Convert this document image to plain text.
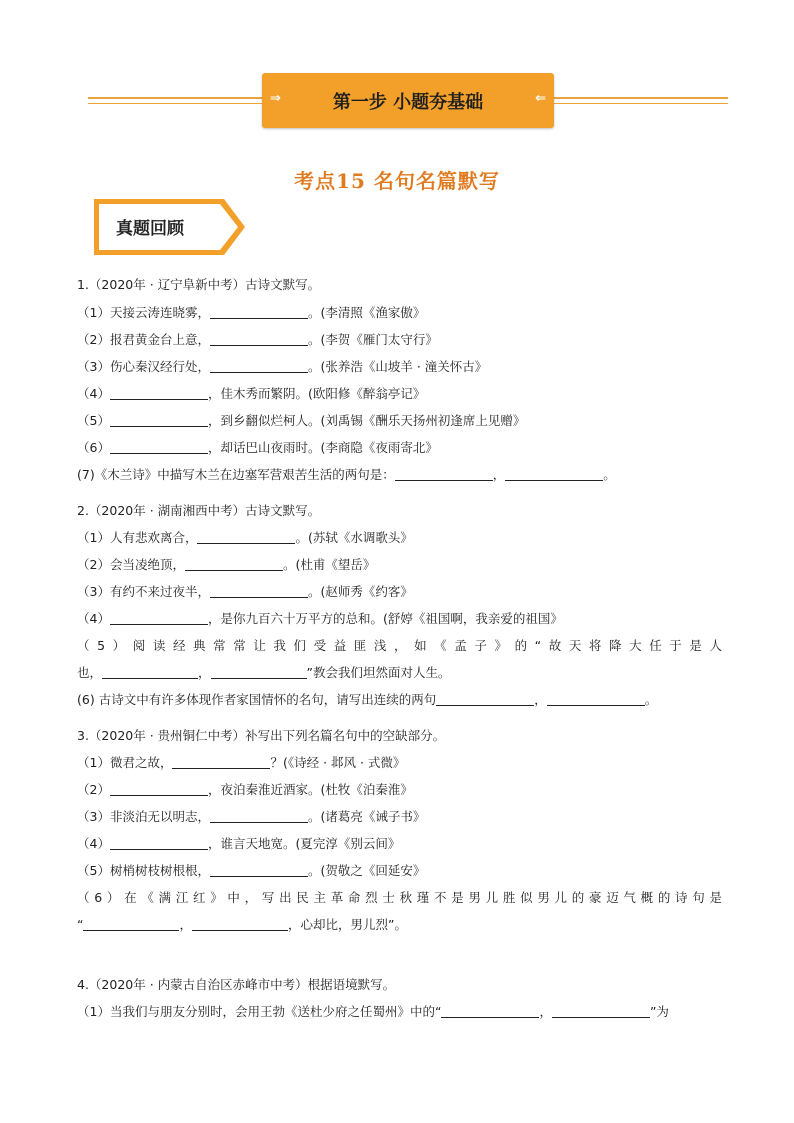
⇒	第一步 小题夯基础	⇐
考点15 名句名篇默写
真题回顾
1.（2020年 · 辽宁阜新中考）古诗文默写。
（1）天接云涛连晓雾，	。(李清照《渔家傲》
（2）报君黄金台上意，	。(李贺《雁门太守行》
（3）伤心秦汉经行处，	。(张养浩《山坡羊 · 潼关怀古》
（4）	，佳木秀而繁阴。(欧阳修《醉翁亭记》
（5）	，到乡翻似烂柯人。(刘禹锡《酬乐天扬州初逢席上见赠》
（6）	，却话巴山夜雨时。(李商隐《夜雨寄北》
(7)《木兰诗》中描写木兰在边塞军营艰苦生活的两句是：	，	。
2.（2020年 · 湖南湘西中考）古诗文默写。
（1）人有悲欢离合，	。(苏轼《水调歌头》
（2）会当凌绝顶，	。(杜甫《望岳》
（3）有约不来过夜半，	。(赵师秀《约客》
（4）	，是你九百六十万平方的总和。(舒婷《祖国啊，我亲爱的祖国》
（5）阅读经典常常让我们受益匪浅，如《孟子》的“故天将降大任于是人
也，	，	”教会我们坦然面对人生。
(6) 古诗文中有许多体现作者家国情怀的名句，请写出连续的两句	，	。
3.（2020年 · 贵州铜仁中考）补写出下列名篇名句中的空缺部分。
（1）微君之故，	？(《诗经 · 邶风 · 式微》
（2）	，夜泊秦淮近酒家。(杜牧《泊秦淮》
（3）非淡泊无以明志，	。(诸葛亮《诫子书》
（4）	，谁言天地宽。(夏完淳《别云间》
（5）树梢树枝树根根，	。(贺敬之《回延安》
（6）在《满江红》中，写出民主革命烈士秋瑾不是男儿胜似男儿的豪迈气概的诗句是
“	，	，心却比，男儿烈”。
4.（2020年 · 内蒙古自治区赤峰市中考）根据语境默写。
（1）当我们与朋友分别时，会用王勃《送杜少府之任蜀州》中的“	，	”为
